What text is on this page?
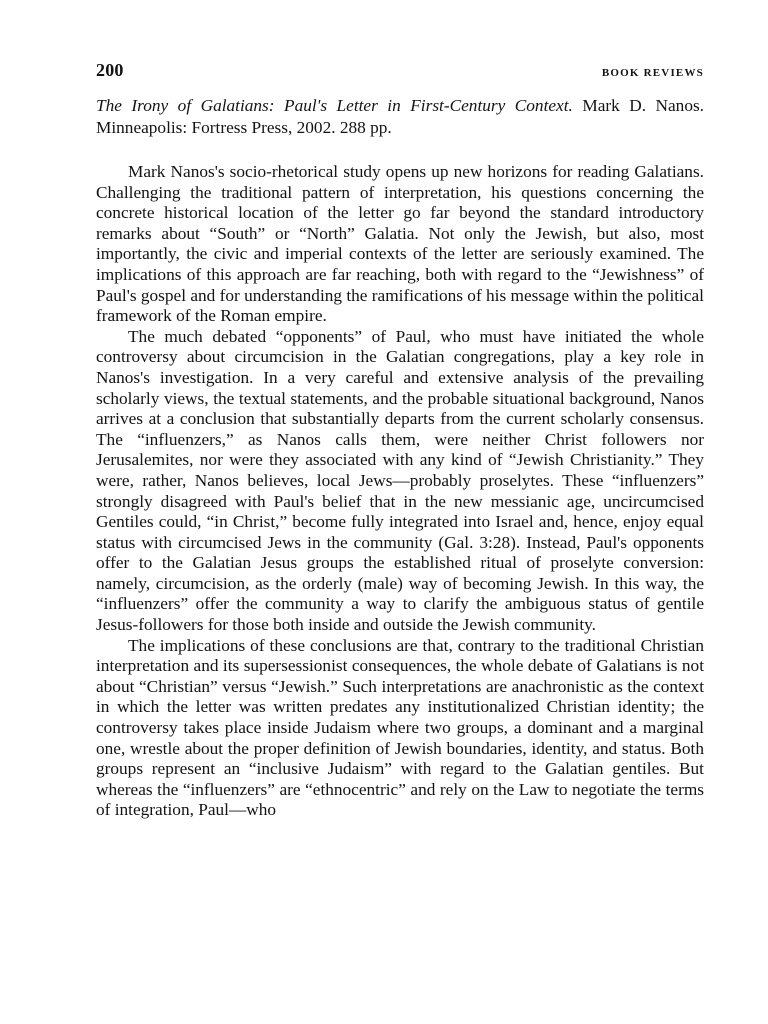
200	BOOK REVIEWS
The Irony of Galatians: Paul's Letter in First-Century Context. Mark D. Nanos. Minneapolis: Fortress Press, 2002. 288 pp.

Mark Nanos's socio-rhetorical study opens up new horizons for reading Galatians. Challenging the traditional pattern of interpretation, his questions concerning the concrete historical location of the letter go far beyond the standard introductory remarks about “South” or “North” Galatia. Not only the Jewish, but also, most importantly, the civic and imperial contexts of the letter are seriously examined. The implications of this approach are far reaching, both with regard to the “Jewishness” of Paul's gospel and for understanding the ramifications of his message within the political framework of the Roman empire.

The much debated “opponents” of Paul, who must have initiated the whole controversy about circumcision in the Galatian congregations, play a key role in Nanos's investigation. In a very careful and extensive analysis of the prevailing scholarly views, the textual statements, and the probable situational background, Nanos arrives at a conclusion that substantially departs from the current scholarly consensus. The “influenzers,” as Nanos calls them, were neither Christ followers nor Jerusalemites, nor were they associated with any kind of “Jewish Christianity.” They were, rather, Nanos believes, local Jews—probably proselytes. These “influenzers” strongly disagreed with Paul's belief that in the new messianic age, uncircumcised Gentiles could, “in Christ,” become fully integrated into Israel and, hence, enjoy equal status with circumcised Jews in the community (Gal. 3:28). Instead, Paul's opponents offer to the Galatian Jesus groups the established ritual of proselyte conversion: namely, circumcision, as the orderly (male) way of becoming Jewish. In this way, the “influenzers” offer the community a way to clarify the ambiguous status of gentile Jesus-followers for those both inside and outside the Jewish community.

The implications of these conclusions are that, contrary to the traditional Christian interpretation and its supersessionist consequences, the whole debate of Galatians is not about “Christian” versus “Jewish.” Such interpretations are anachronistic as the context in which the letter was written predates any institutionalized Christian identity; the controversy takes place inside Judaism where two groups, a dominant and a marginal one, wrestle about the proper definition of Jewish boundaries, identity, and status. Both groups represent an “inclusive Judaism” with regard to the Galatian gentiles. But whereas the “influenzers” are “ethnocentric” and rely on the Law to negotiate the terms of integration, Paul—who
